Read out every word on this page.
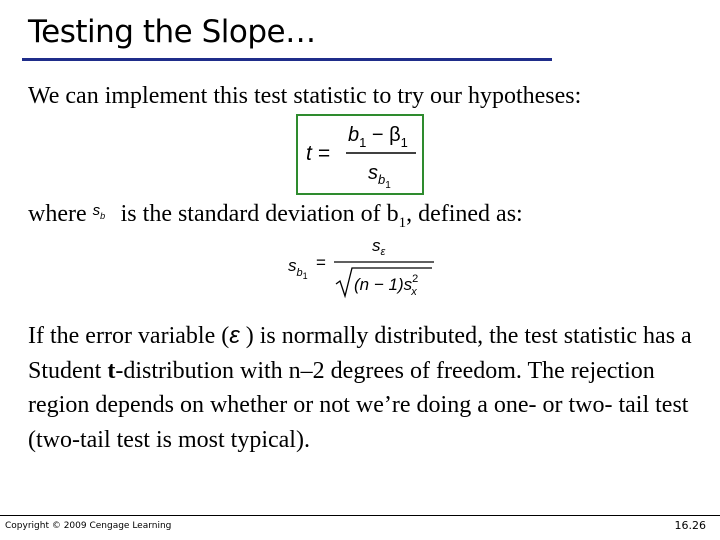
Testing the Slope…
We can implement this test statistic to try our hypotheses:
t =
$b_1 - \beta_1$
$s_{b1}$
where $s_b$ is the standard deviation of $b_1$, defined as:
$s_b1$
=
$s_\varepsilon$
$(n - 1)s^2$ x
If the error variable (ε ) is normally distributed, the test statistic has a Student t-distribution with n–2 degrees of freedom. The rejection region depends on whether or not we’re doing a one- or two- tail test (two-tail test is most typical).
Copyright © 2009 Cengage Learning	16.26
